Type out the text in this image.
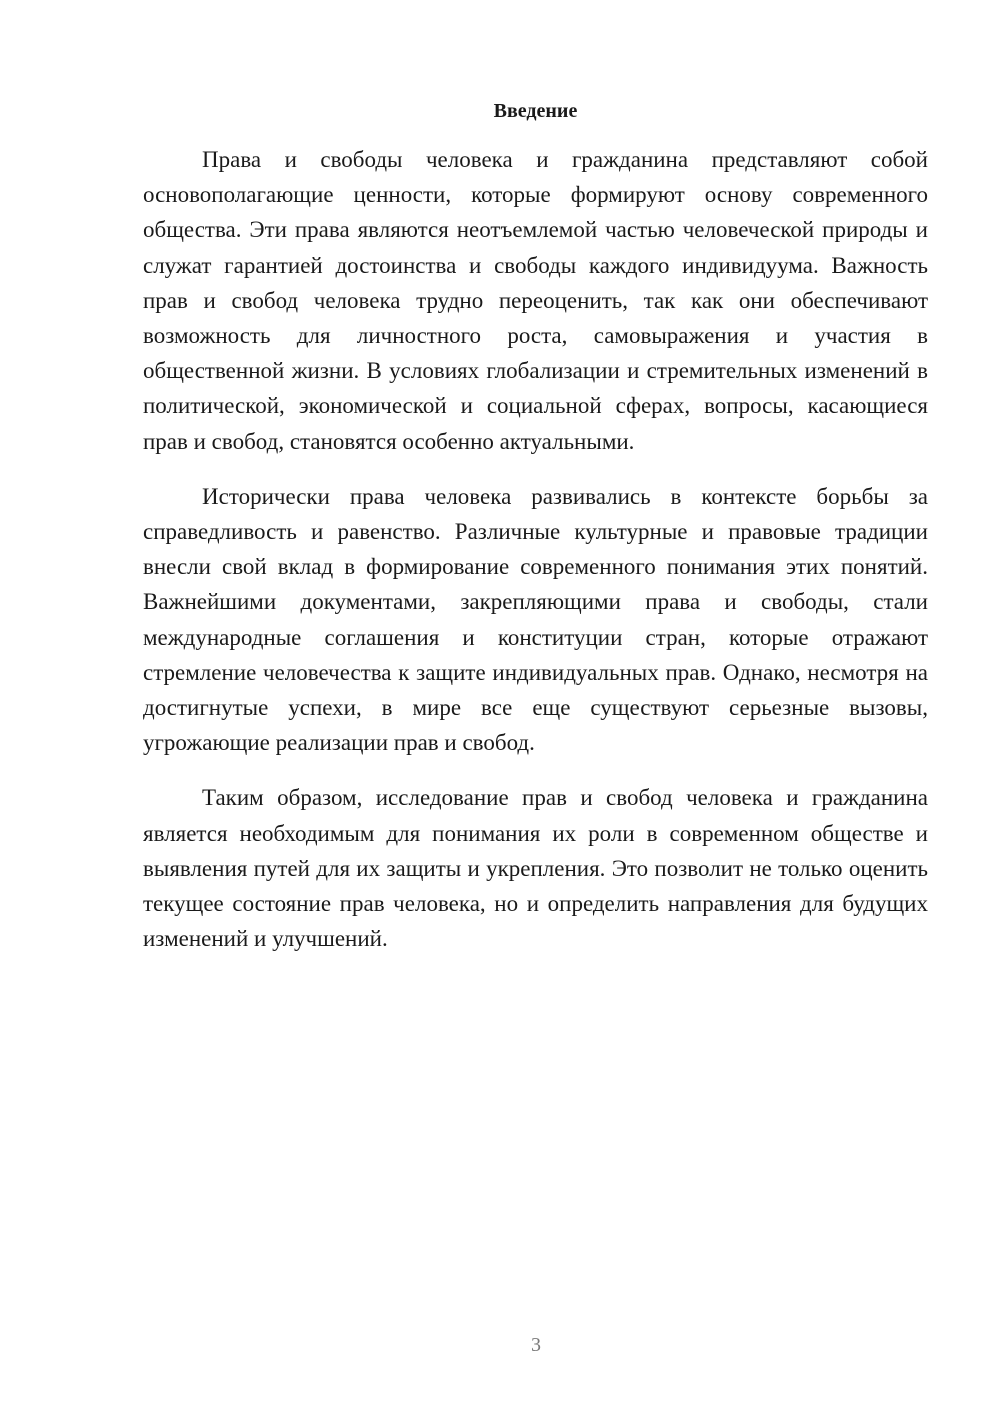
Введение

Права и свободы человека и гражданина представляют собой основополагающие ценности, которые формируют основу современного общества. Эти права являются неотъемлемой частью человеческой природы и служат гарантией достоинства и свободы каждого индивидуума. Важность прав и свобод человека трудно переоценить, так как они обеспечивают возможность для личностного роста, самовыражения и участия в общественной жизни. В условиях глобализации и стремительных изменений в политической, экономической и социальной сферах, вопросы, касающиеся прав и свобод, становятся особенно актуальными.

Исторически права человека развивались в контексте борьбы за справедливость и равенство. Различные культурные и правовые традиции внесли свой вклад в формирование современного понимания этих понятий. Важнейшими документами, закрепляющими права и свободы, стали международные соглашения и конституции стран, которые отражают стремление человечества к защите индивидуальных прав. Однако, несмотря на достигнутые успехи, в мире все еще существуют серьезные вызовы, угрожающие реализации прав и свобод.

Таким образом, исследование прав и свобод человека и гражданина является необходимым для понимания их роли в современном обществе и выявления путей для их защиты и укрепления. Это позволит не только оценить текущее состояние прав человека, но и определить направления для будущих изменений и улучшений.

3
